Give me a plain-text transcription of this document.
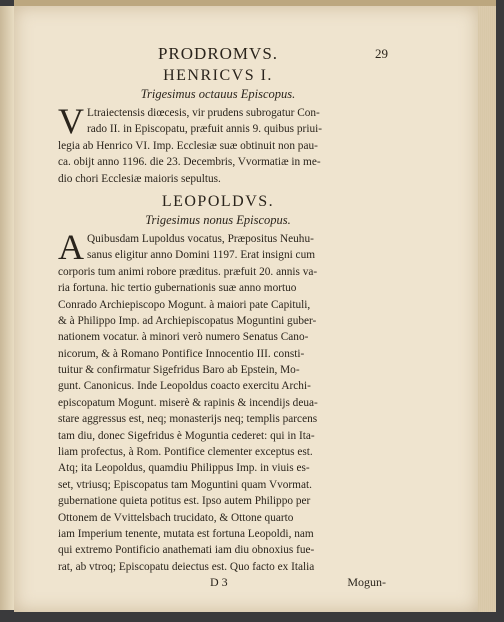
PRODROMVS.	29
HENRICVS I.
Trigesimus octauus Episcopus.
V Ltraiectensis diœcesis, vir prudens subrogatur Con-
rado II. in Episcopatu, præfuit annis 9. quibus priui-
legia ab Henrico VI. Imp. Ecclesiæ suæ obtinuit non pau-
ca. obijt anno 1196. die 23. Decembris, Vvormatiæ in me-
dio chori Ecclesiæ maioris sepultus.
LEOPOLDVS.
Trigesimus nonus Episcopus.
A Quibusdam Lupoldus vocatus, Præpositus Neuhu-
sanus eligitur anno Domini 1197. Erat insigni cum
corporis tum animi robore præditus. præfuit 20. annis va-
ria fortuna. hic tertio gubernationis suæ anno mortuo
Conrado Archiepiscopo Mogunt. à maiori pate Capituli,
& à Philippo Imp. ad Archiepiscopatus Moguntini guber-
nationem vocatur. à minori verò numero Senatus Cano-
nicorum, & à Romano Pontifice Innocentio III. consti-
tuitur & confirmatur Sigefridus Baro ab Epstein, Mo-
gunt. Canonicus. Inde Leopoldus coacto exercitu Archi-
episcopatum Mogunt. miserè & rapinis & incendijs deua-
stare aggressus est, neq; monasterijs neq; templis parcens
tam diu, donec Sigefridus è Moguntia cederet: qui in Ita-
liam profectus, à Rom. Pontifice clementer exceptus est.
Atq; ita Leopoldus, quamdiu Philippus Imp. in viuis es-
set, vtriusq; Episcopatus tam Moguntini quam Vvormat.
gubernatione quieta potitus est. Ipso autem Philippo per
Ottonem de Vvittelsbach trucidato, & Ottone quarto
iam Imperium tenente, mutata est fortuna Leopoldi, nam
qui extremo Pontificio anathemati iam diu obnoxius fue-
rat, ab vtroq; Episcopatu deiectus est. Quo facto ex Italia
D 3	Mogun-
